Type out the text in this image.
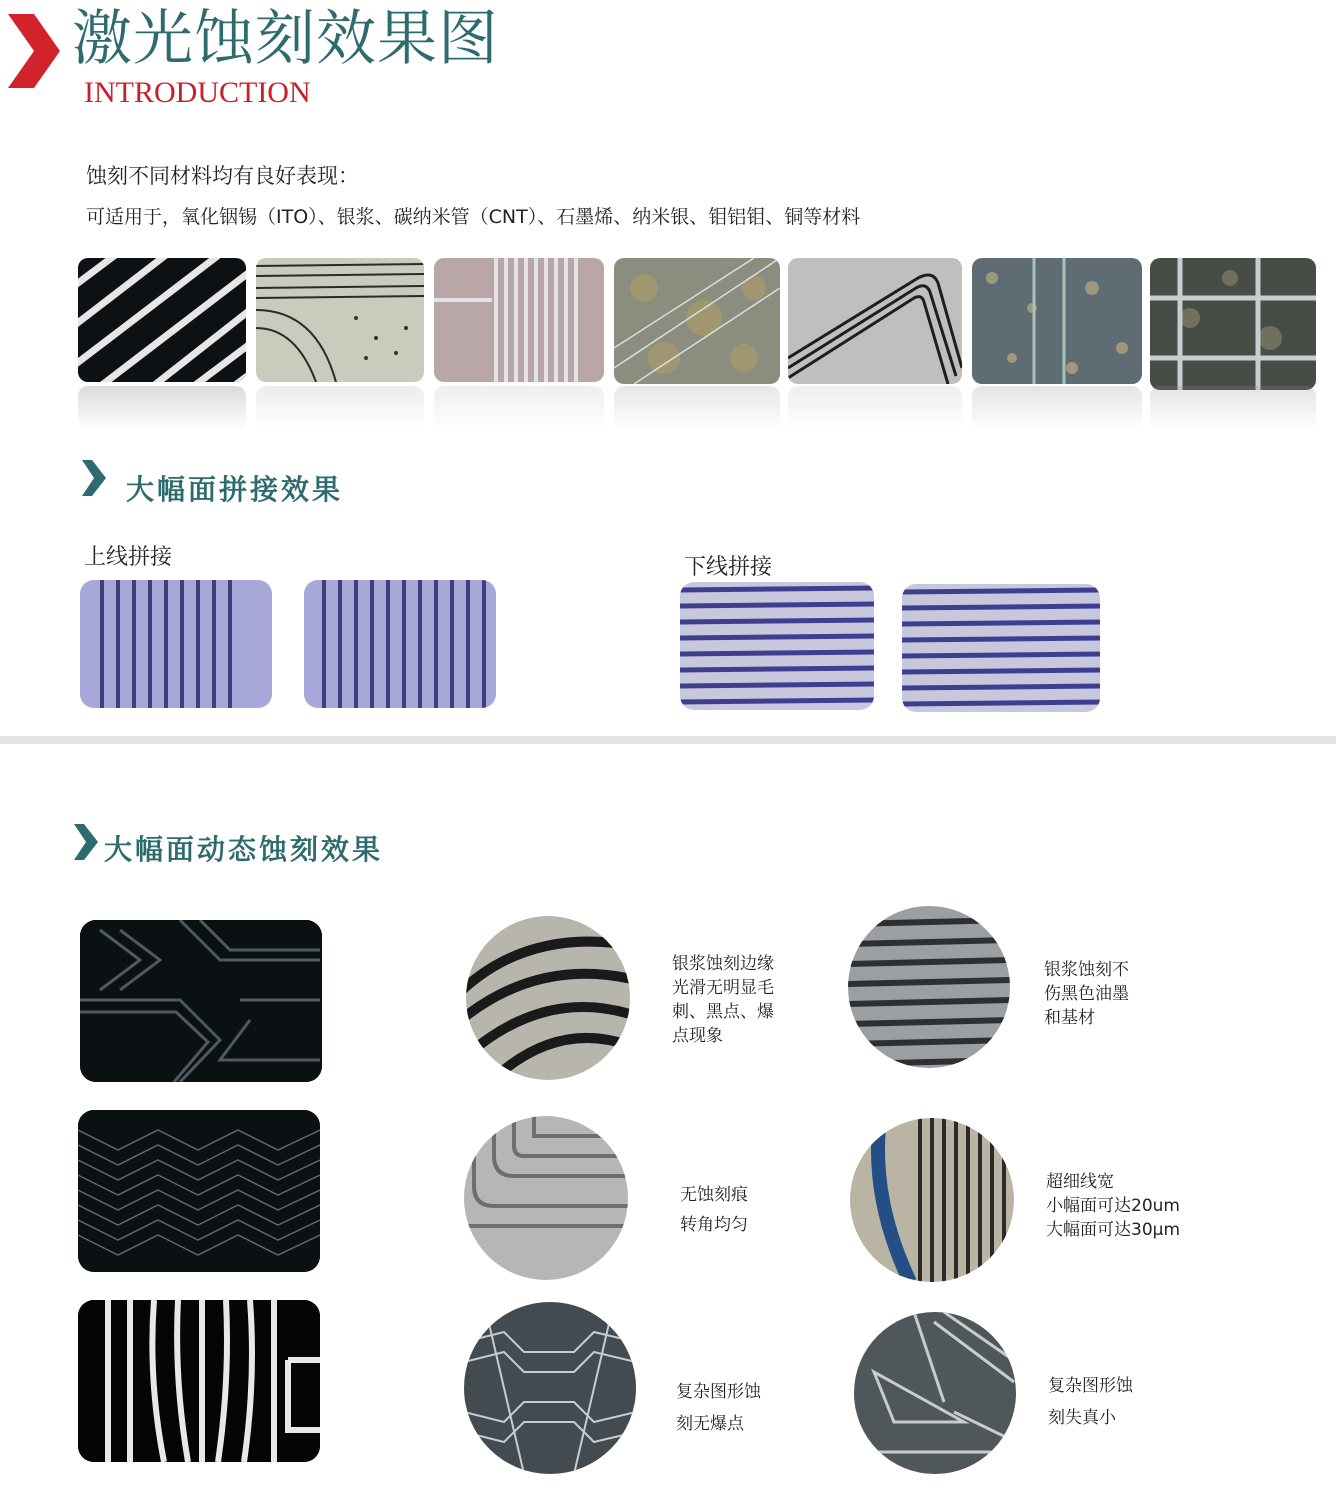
激光蚀刻效果图
INTRODUCTION
蚀刻不同材料均有良好表现：
可适用于，氧化铟锡（ITO）、银浆、碳纳米管（CNT）、石墨烯、纳米银、钼铝钼、铜等材料
大幅面拼接效果
上线拼接	下线拼接
大幅面动态蚀刻效果
银浆蚀刻边缘
光滑无明显毛
刺、黑点、爆
点现象
银浆蚀刻不
伤黑色油墨
和基材
无蚀刻痕
转角均匀
超细线宽
小幅面可达20um
大幅面可达30μm
复杂图形蚀
刻无爆点
复杂图形蚀
刻失真小
